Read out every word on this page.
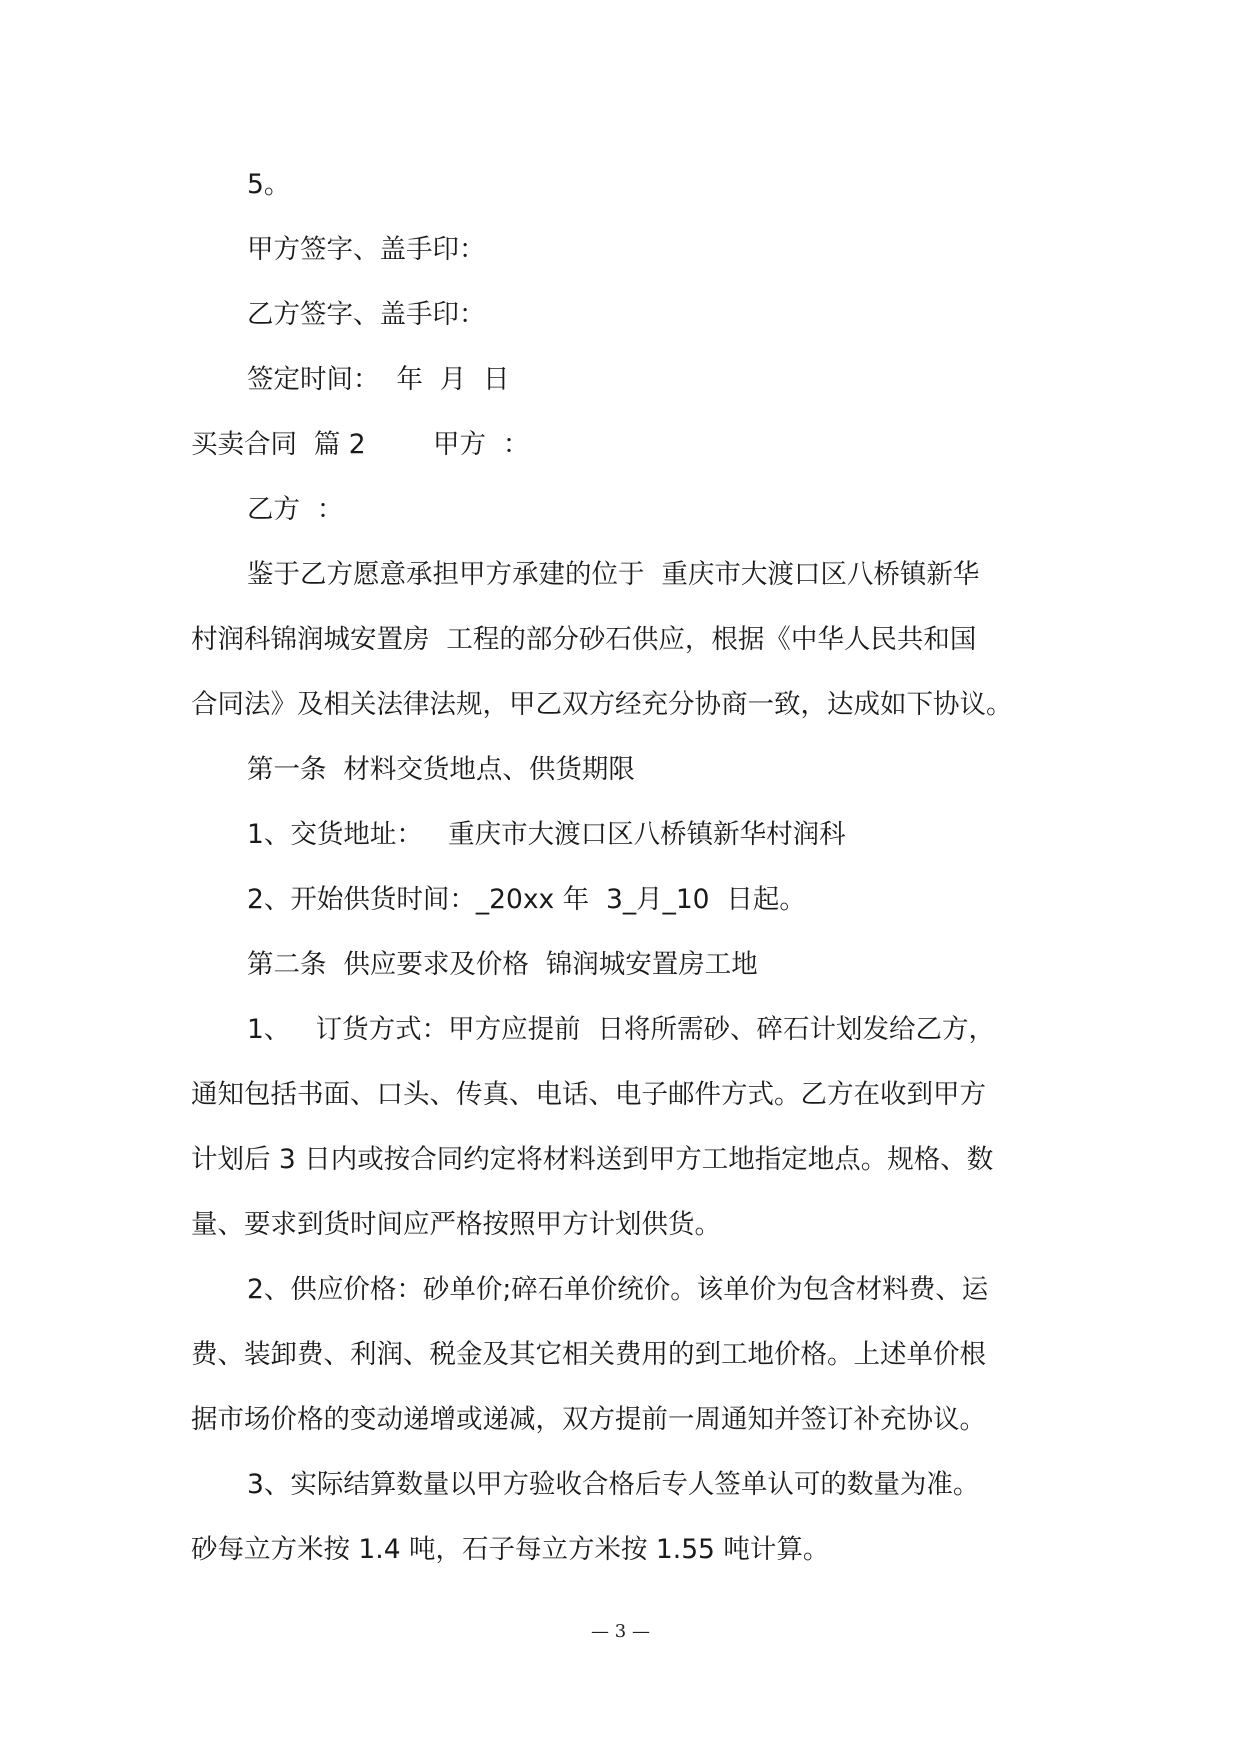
5。

甲方签字、盖手印：

乙方签字、盖手印：

签定时间：  年  月  日

买卖合同  篇 2        甲方  ：

乙方  ：

鉴于乙方愿意承担甲方承建的位于  重庆市大渡口区八桥镇新华

村润科锦润城安置房  工程的部分砂石供应，根据《中华人民共和国

合同法》及相关法律法规，甲乙双方经充分协商一致，达成如下协议。

第一条  材料交货地点、供货期限

1、交货地址：   重庆市大渡口区八桥镇新华村润科

2、开始供货时间：_20xx 年  3_月_10  日起。

第二条  供应要求及价格  锦润城安置房工地

1、   订货方式：甲方应提前  日将所需砂、碎石计划发给乙方，

通知包括书面、口头、传真、电话、电子邮件方式。乙方在收到甲方

计划后 3 日内或按合同约定将材料送到甲方工地指定地点。规格、数

量、要求到货时间应严格按照甲方计划供货。

2、供应价格：砂单价;碎石单价统价。该单价为包含材料费、运

费、装卸费、利润、税金及其它相关费用的到工地价格。上述单价根

据市场价格的变动递增或递减，双方提前一周通知并签订补充协议。

3、实际结算数量以甲方验收合格后专人签单认可的数量为准。

砂每立方米按 1.4 吨，石子每立方米按 1.55 吨计算。

— 3 —
